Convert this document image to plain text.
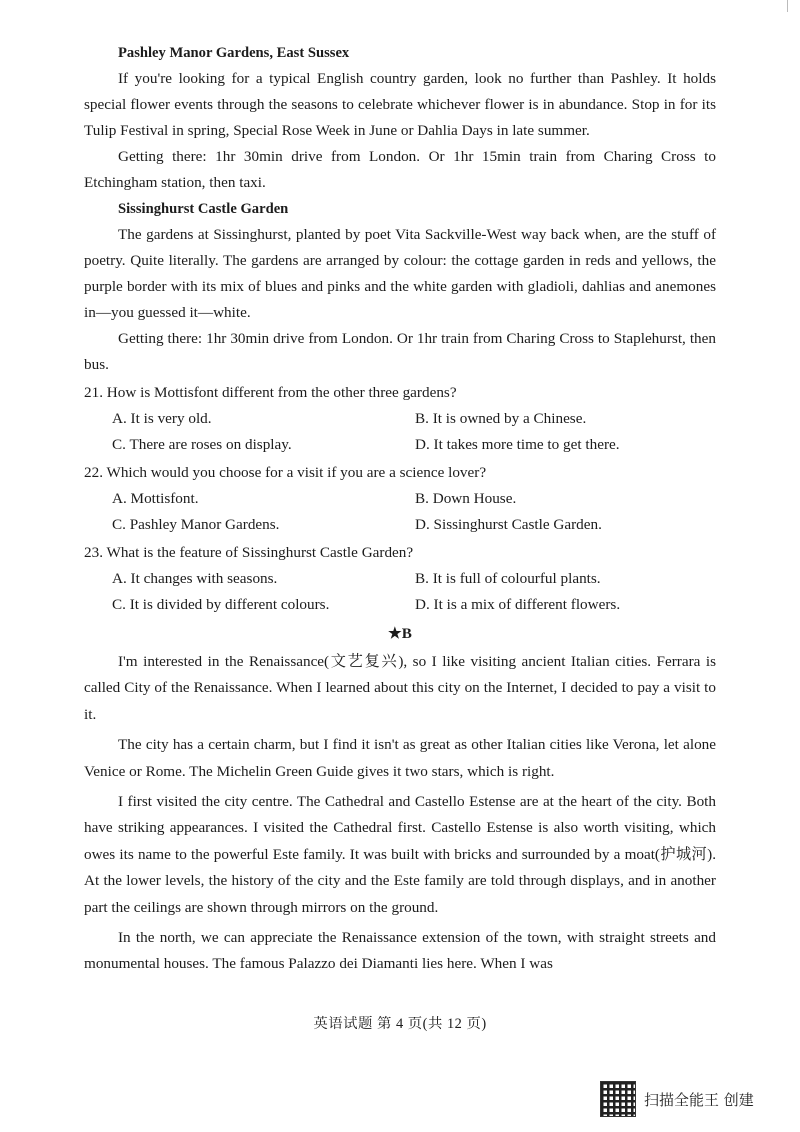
Pashley Manor Gardens, East Sussex

If you're looking for a typical English country garden, look no further than Pashley. It holds special flower events through the seasons to celebrate whichever flower is in abundance. Stop in for its Tulip Festival in spring, Special Rose Week in June or Dahlia Days in late summer.

Getting there: 1hr 30min drive from London. Or 1hr 15min train from Charing Cross to Etchingham station, then taxi.

Sissinghurst Castle Garden

The gardens at Sissinghurst, planted by poet Vita Sackville-West way back when, are the stuff of poetry. Quite literally. The gardens are arranged by colour: the cottage garden in reds and yellows, the purple border with its mix of blues and pinks and the white garden with gladioli, dahlias and anemones in—you guessed it—white.

Getting there: 1hr 30min drive from London. Or 1hr train from Charing Cross to Staplehurst, then bus.

21. How is Mottisfont different from the other three gardens?

A. It is very old.	B. It is owned by a Chinese.
C. There are roses on display.	D. It takes more time to get there.

22. Which would you choose for a visit if you are a science lover?

A. Mottisfont.	B. Down House.
C. Pashley Manor Gardens.	D. Sissinghurst Castle Garden.

23. What is the feature of Sissinghurst Castle Garden?

A. It changes with seasons.	B. It is full of colourful plants.
C. It is divided by different colours.	D. It is a mix of different flowers.

★B

I'm interested in the Renaissance(文艺复兴), so I like visiting ancient Italian cities. Ferrara is called City of the Renaissance. When I learned about this city on the Internet, I decided to pay a visit to it.

The city has a certain charm, but I find it isn't as great as other Italian cities like Verona, let alone Venice or Rome. The Michelin Green Guide gives it two stars, which is right.

I first visited the city centre. The Cathedral and Castello Estense are at the heart of the city. Both have striking appearances. I visited the Cathedral first. Castello Estense is also worth visiting, which owes its name to the powerful Este family. It was built with bricks and surrounded by a moat(护城河). At the lower levels, the history of the city and the Este family are told through displays, and in another part the ceilings are shown through mirrors on the ground.

In the north, we can appreciate the Renaissance extension of the town, with straight streets and monumental houses. The famous Palazzo dei Diamanti lies here. When I was

英语试题 第 4 页(共 12 页)
扫描全能王 创建
